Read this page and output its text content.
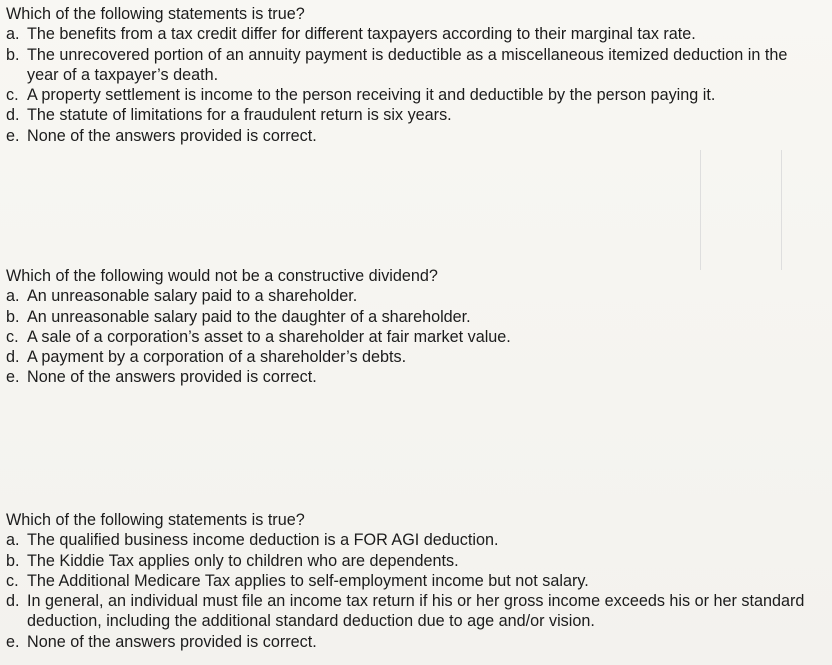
Which of the following statements is true?

a. The benefits from a tax credit differ for different taxpayers according to their marginal tax rate.
b. The unrecovered portion of an annuity payment is deductible as a miscellaneous itemized deduction in the year of a taxpayer’s death.
c. A property settlement is income to the person receiving it and deductible by the person paying it.
d. The statute of limitations for a fraudulent return is six years.
e. None of the answers provided is correct.

Which of the following would not be a constructive dividend?

a. An unreasonable salary paid to a shareholder.
b. An unreasonable salary paid to the daughter of a shareholder.
c. A sale of a corporation’s asset to a shareholder at fair market value.
d. A payment by a corporation of a shareholder’s debts.
e. None of the answers provided is correct.

Which of the following statements is true?

a. The qualified business income deduction is a FOR AGI deduction.
b. The Kiddie Tax applies only to children who are dependents.
c. The Additional Medicare Tax applies to self-employment income but not salary.
d. In general, an individual must file an income tax return if his or her gross income exceeds his or her standard deduction, including the additional standard deduction due to age and/or vision.
e. None of the answers provided is correct.
